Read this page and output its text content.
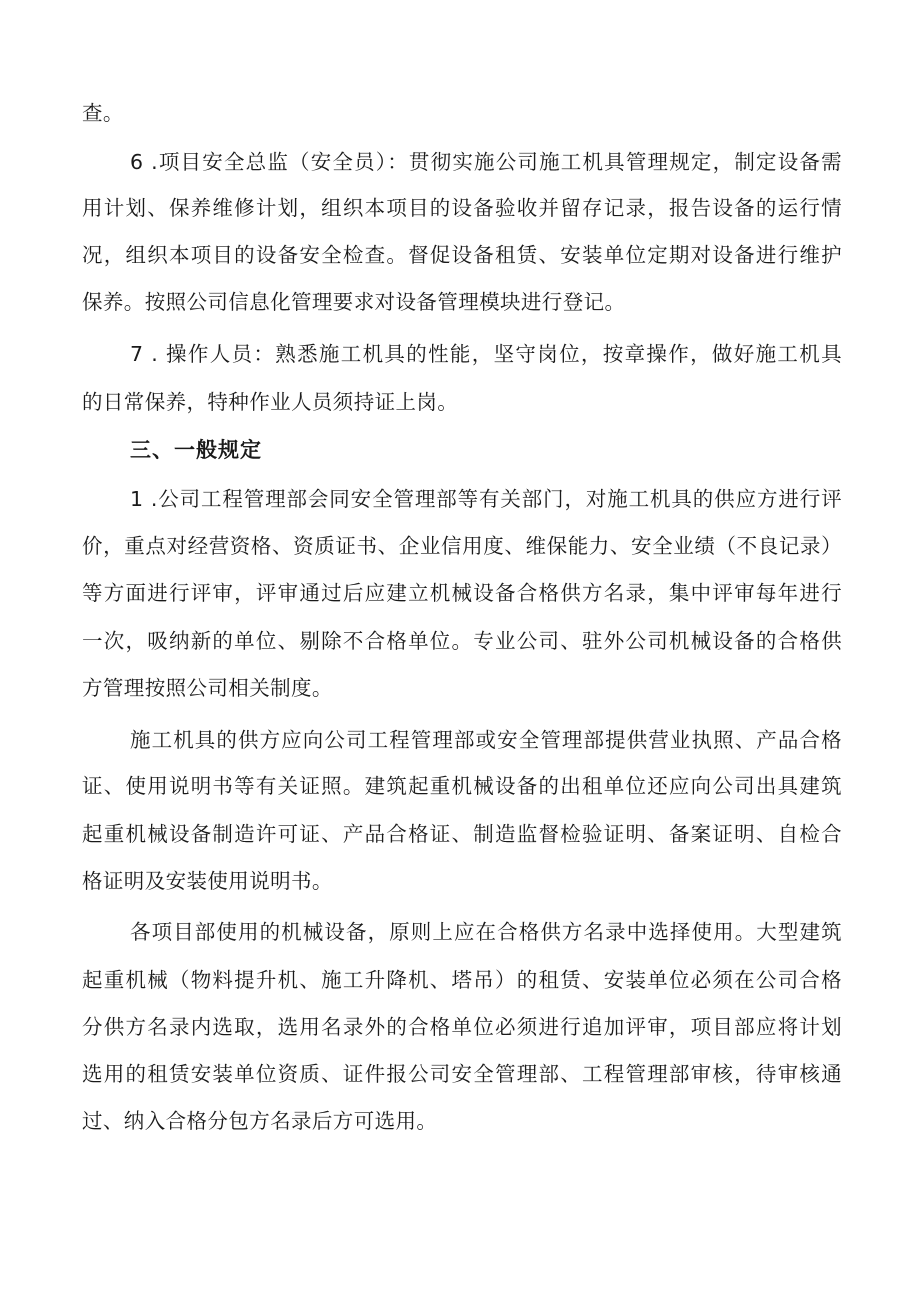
查。
6 .项目安全总监（安全员）：贯彻实施公司施工机具管理规定，制定设备需
用计划、保养维修计划，组织本项目的设备验收并留存记录，报告设备的运行情
况，组织本项目的设备安全检查。督促设备租赁、安装单位定期对设备进行维护
保养。按照公司信息化管理要求对设备管理模块进行登记。
7 . 操作人员：熟悉施工机具的性能，坚守岗位，按章操作，做好施工机具
的日常保养，特种作业人员须持证上岗。
三、一般规定
1 .公司工程管理部会同安全管理部等有关部门，对施工机具的供应方进行评
价，重点对经营资格、资质证书、企业信用度、维保能力、安全业绩（不良记录）
等方面进行评审，评审通过后应建立机械设备合格供方名录，集中评审每年进行
一次，吸纳新的单位、剔除不合格单位。专业公司、驻外公司机械设备的合格供
方管理按照公司相关制度。
施工机具的供方应向公司工程管理部或安全管理部提供营业执照、产品合格
证、使用说明书等有关证照。建筑起重机械设备的出租单位还应向公司出具建筑
起重机械设备制造许可证、产品合格证、制造监督检验证明、备案证明、自检合
格证明及安装使用说明书。
各项目部使用的机械设备，原则上应在合格供方名录中选择使用。大型建筑
起重机械（物料提升机、施工升降机、塔吊）的租赁、安装单位必须在公司合格
分供方名录内选取，选用名录外的合格单位必须进行追加评审，项目部应将计划
选用的租赁安装单位资质、证件报公司安全管理部、工程管理部审核，待审核通
过、纳入合格分包方名录后方可选用。
